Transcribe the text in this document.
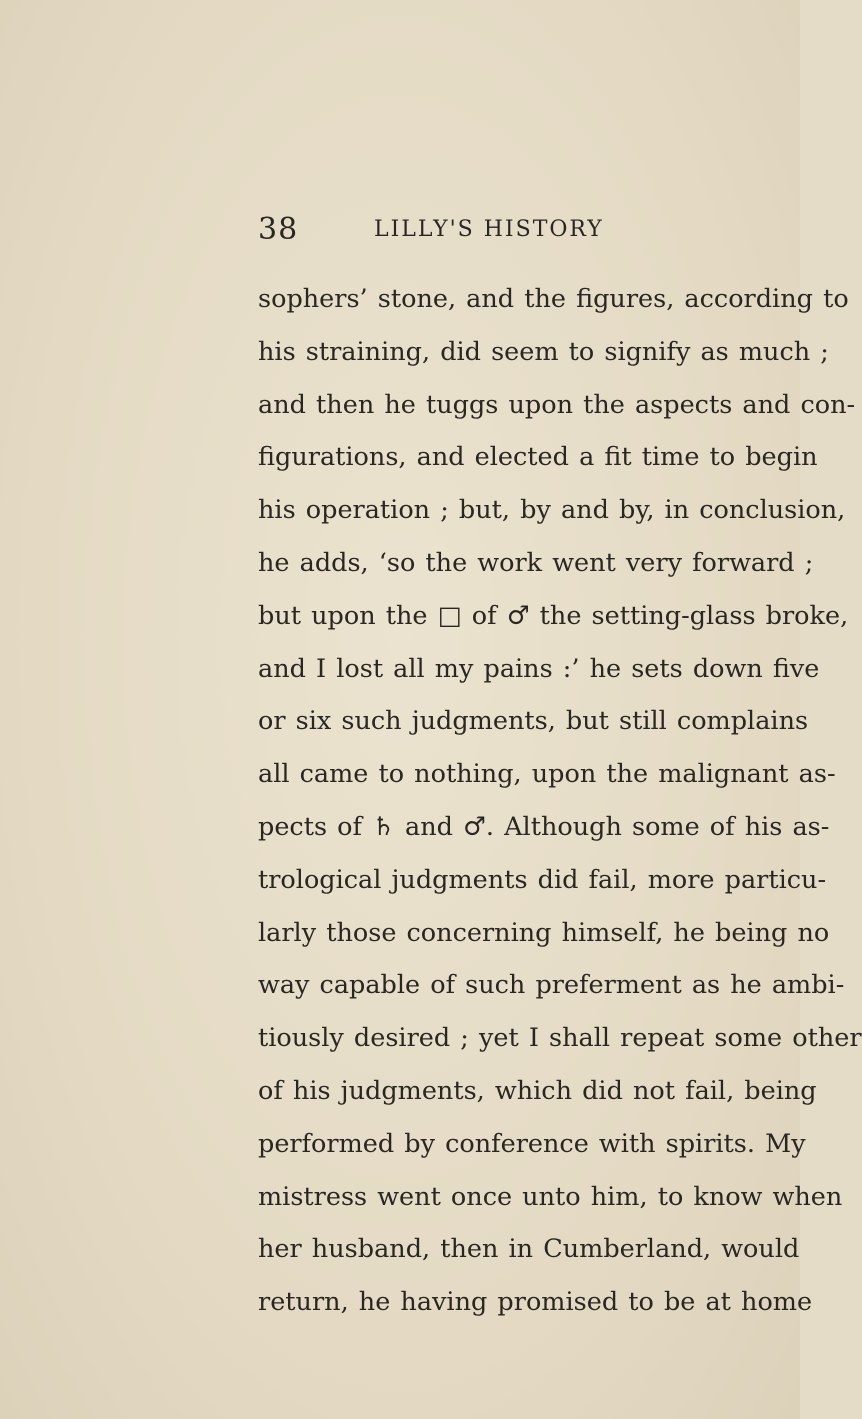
38	LILLY'S HISTORY
sophers’ stone, and the figures, according to
his straining, did seem to signify as much ;
and then he tuggs upon the aspects and con-
figurations, and elected a fit time to begin
his operation ; but, by and by, in conclusion,
he adds, ‘so the work went very forward ;
but upon the □ of ♂ the setting-glass broke,
and I lost all my pains :’ he sets down five
or six such judgments, but still complains
all came to nothing, upon the malignant as-
pects of ♄ and ♂. Although some of his as-
trological judgments did fail, more particu-
larly those concerning himself, he being no
way capable of such preferment as he ambi-
tiously desired ; yet I shall repeat some other
of his judgments, which did not fail, being
performed by conference with spirits. My
mistress went once unto him, to know when
her husband, then in Cumberland, would
return, he having promised to be at home
